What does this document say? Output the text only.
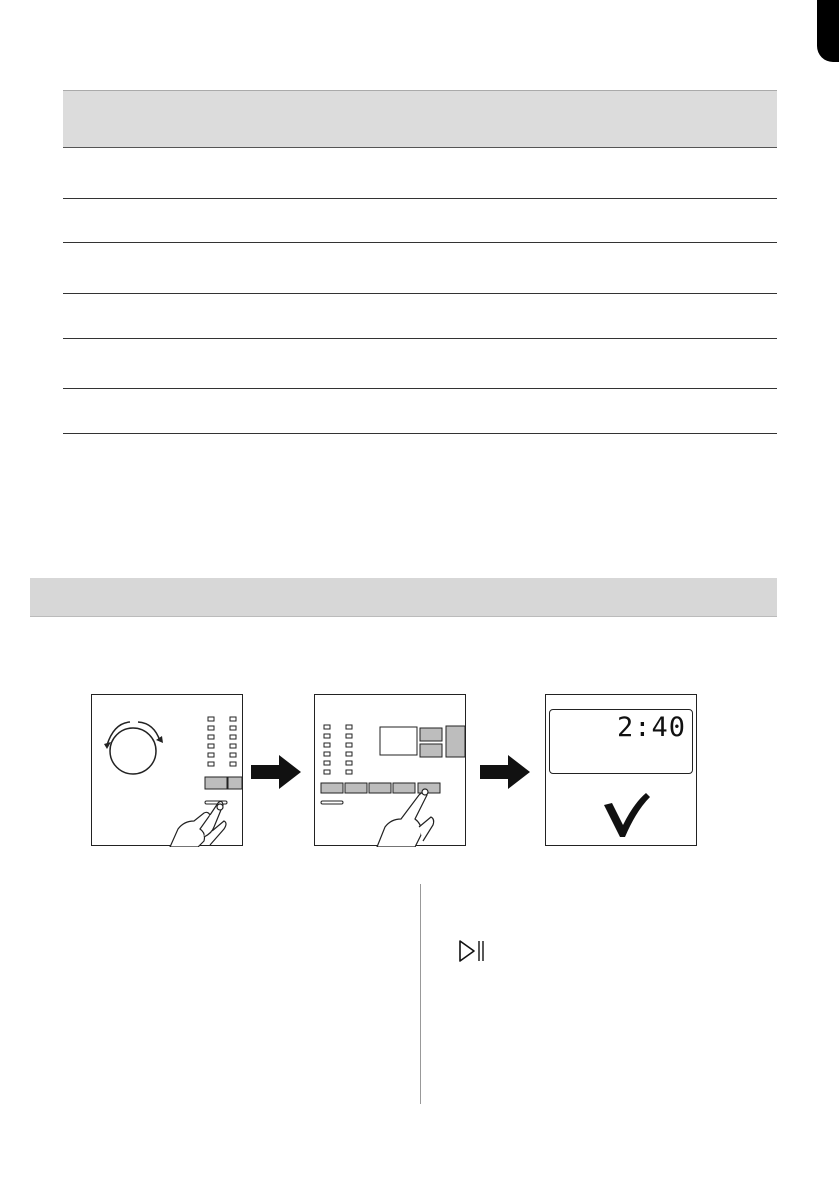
2:40
